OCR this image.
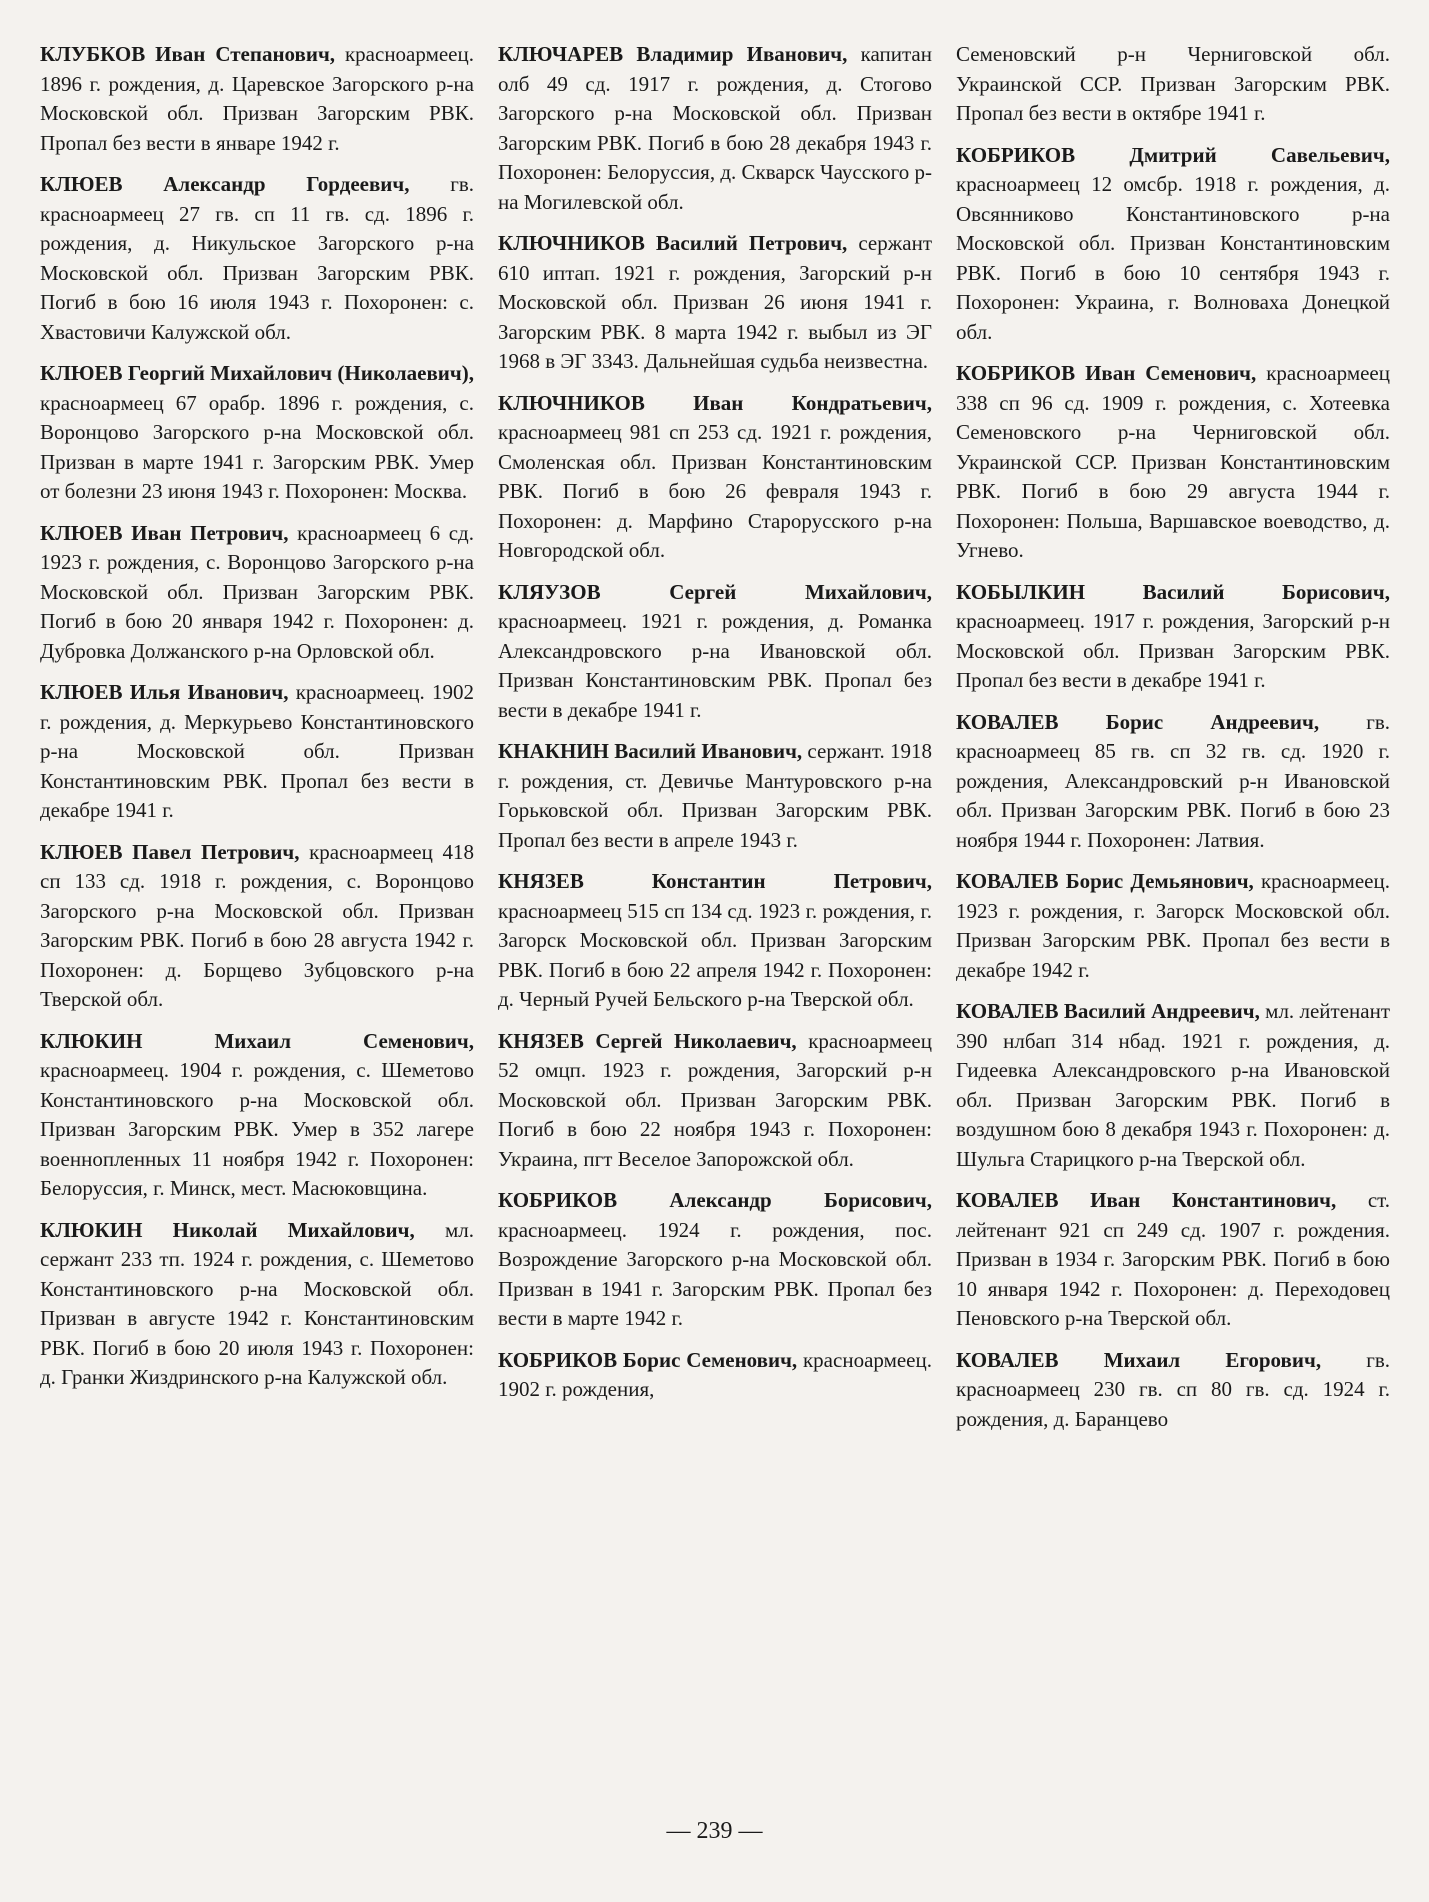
КЛУБКОВ Иван Степанович, красноармеец. 1896 г. рождения, д. Царевское Загорского р-на Московской обл. Призван Загорским РВК. Пропал без вести в январе 1942 г.

КЛЮЕВ Александр Гордеевич, гв. красноармеец 27 гв. сп 11 гв. сд. 1896 г. рождения, д. Никульское Загорского р-на Московской обл. Призван Загорским РВК. Погиб в бою 16 июля 1943 г. Похоронен: с. Хвастовичи Калужской обл.

КЛЮЕВ Георгий Михайлович (Николаевич), красноармеец 67 орабр. 1896 г. рождения, с. Воронцово Загорского р-на Московской обл. Призван в марте 1941 г. Загорским РВК. Умер от болезни 23 июня 1943 г. Похоронен: Москва.

КЛЮЕВ Иван Петрович, красноармеец 6 сд. 1923 г. рождения, с. Воронцово Загорского р-на Московской обл. Призван Загорским РВК. Погиб в бою 20 января 1942 г. Похоронен: д. Дубровка Должанского р-на Орловской обл.

КЛЮЕВ Илья Иванович, красноармеец. 1902 г. рождения, д. Меркурьево Константиновского р-на Московской обл. Призван Константиновским РВК. Пропал без вести в декабре 1941 г.

КЛЮЕВ Павел Петрович, красноармеец 418 сп 133 сд. 1918 г. рождения, с. Воронцово Загорского р-на Московской обл. Призван Загорским РВК. Погиб в бою 28 августа 1942 г. Похоронен: д. Борщево Зубцовского р-на Тверской обл.

КЛЮКИН Михаил Семенович, красноармеец. 1904 г. рождения, с. Шеметово Константиновского р-на Московской обл. Призван Загорским РВК. Умер в 352 лагере военнопленных 11 ноября 1942 г. Похоронен: Белоруссия, г. Минск, мест. Масюковщина.

КЛЮКИН Николай Михайлович, мл. сержант 233 тп. 1924 г. рождения, с. Шеметово Константиновского р-на Московской обл. Призван в августе 1942 г. Константиновским РВК. Погиб в бою 20 июля 1943 г. Похоронен: д. Гранки Жиздринского р-на Калужской обл.

КЛЮЧАРЕВ Владимир Иванович, капитан олб 49 сд. 1917 г. рождения, д. Стогово Загорского р-на Московской обл. Призван Загорским РВК. Погиб в бою 28 декабря 1943 г. Похоронен: Белоруссия, д. Скварск Чаусского р-на Могилевской обл.

КЛЮЧНИКОВ Василий Петрович, сержант 610 иптап. 1921 г. рождения, Загорский р-н Московской обл. Призван 26 июня 1941 г. Загорским РВК. 8 марта 1942 г. выбыл из ЭГ 1968 в ЭГ 3343. Дальнейшая судьба неизвестна.

КЛЮЧНИКОВ Иван Кондратьевич, красноармеец 981 сп 253 сд. 1921 г. рождения, Смоленская обл. Призван Константиновским РВК. Погиб в бою 26 февраля 1943 г. Похоронен: д. Марфино Старорусского р-на Новгородской обл.

КЛЯУЗОВ Сергей Михайлович, красноармеец. 1921 г. рождения, д. Романка Александровского р-на Ивановской обл. Призван Константиновским РВК. Пропал без вести в декабре 1941 г.

КНАКНИН Василий Иванович, сержант. 1918 г. рождения, ст. Девичье Мантуровского р-на Горьковской обл. Призван Загорским РВК. Пропал без вести в апреле 1943 г.

КНЯЗЕВ Константин Петрович, красноармеец 515 сп 134 сд. 1923 г. рождения, г. Загорск Московской обл. Призван Загорским РВК. Погиб в бою 22 апреля 1942 г. Похоронен: д. Черный Ручей Бельского р-на Тверской обл.

КНЯЗЕВ Сергей Николаевич, красноармеец 52 омцп. 1923 г. рождения, Загорский р-н Московской обл. Призван Загорским РВК. Погиб в бою 22 ноября 1943 г. Похоронен: Украина, пгт Веселое Запорожской обл.

КОБРИКОВ Александр Борисович, красноармеец. 1924 г. рождения, пос. Возрождение Загорского р-на Московской обл. Призван в 1941 г. Загорским РВК. Пропал без вести в марте 1942 г.

КОБРИКОВ Борис Семенович, красноармеец. 1902 г. рождения,

Семеновский р-н Черниговской обл. Украинской ССР. Призван Загорским РВК. Пропал без вести в октябре 1941 г.

КОБРИКОВ Дмитрий Савельевич, красноармеец 12 омсбр. 1918 г. рождения, д. Овсянниково Константиновского р-на Московской обл. Призван Константиновским РВК. Погиб в бою 10 сентября 1943 г. Похоронен: Украина, г. Волноваха Донецкой обл.

КОБРИКОВ Иван Семенович, красноармеец 338 сп 96 сд. 1909 г. рождения, с. Хотеевка Семеновского р-на Черниговской обл. Украинской ССР. Призван Константиновским РВК. Погиб в бою 29 августа 1944 г. Похоронен: Польша, Варшавское воеводство, д. Угнево.

КОБЫЛКИН Василий Борисович, красноармеец. 1917 г. рождения, Загорский р-н Московской обл. Призван Загорским РВК. Пропал без вести в декабре 1941 г.

КОВАЛЕВ Борис Андреевич, гв. красноармеец 85 гв. сп 32 гв. сд. 1920 г. рождения, Александровский р-н Ивановской обл. Призван Загорским РВК. Погиб в бою 23 ноября 1944 г. Похоронен: Латвия.

КОВАЛЕВ Борис Демьянович, красноармеец. 1923 г. рождения, г. Загорск Московской обл. Призван Загорским РВК. Пропал без вести в декабре 1942 г.

КОВАЛЕВ Василий Андреевич, мл. лейтенант 390 нлбап 314 нбад. 1921 г. рождения, д. Гидеевка Александровского р-на Ивановской обл. Призван Загорским РВК. Погиб в воздушном бою 8 декабря 1943 г. Похоронен: д. Шульга Старицкого р-на Тверской обл.

КОВАЛЕВ Иван Константинович, ст. лейтенант 921 сп 249 сд. 1907 г. рождения. Призван в 1934 г. Загорским РВК. Погиб в бою 10 января 1942 г. Похоронен: д. Переходовец Пеновского р-на Тверской обл.

КОВАЛЕВ Михаил Егорович, гв. красноармеец 230 гв. сп 80 гв. сд. 1924 г. рождения, д. Баранцево

— 239 —
